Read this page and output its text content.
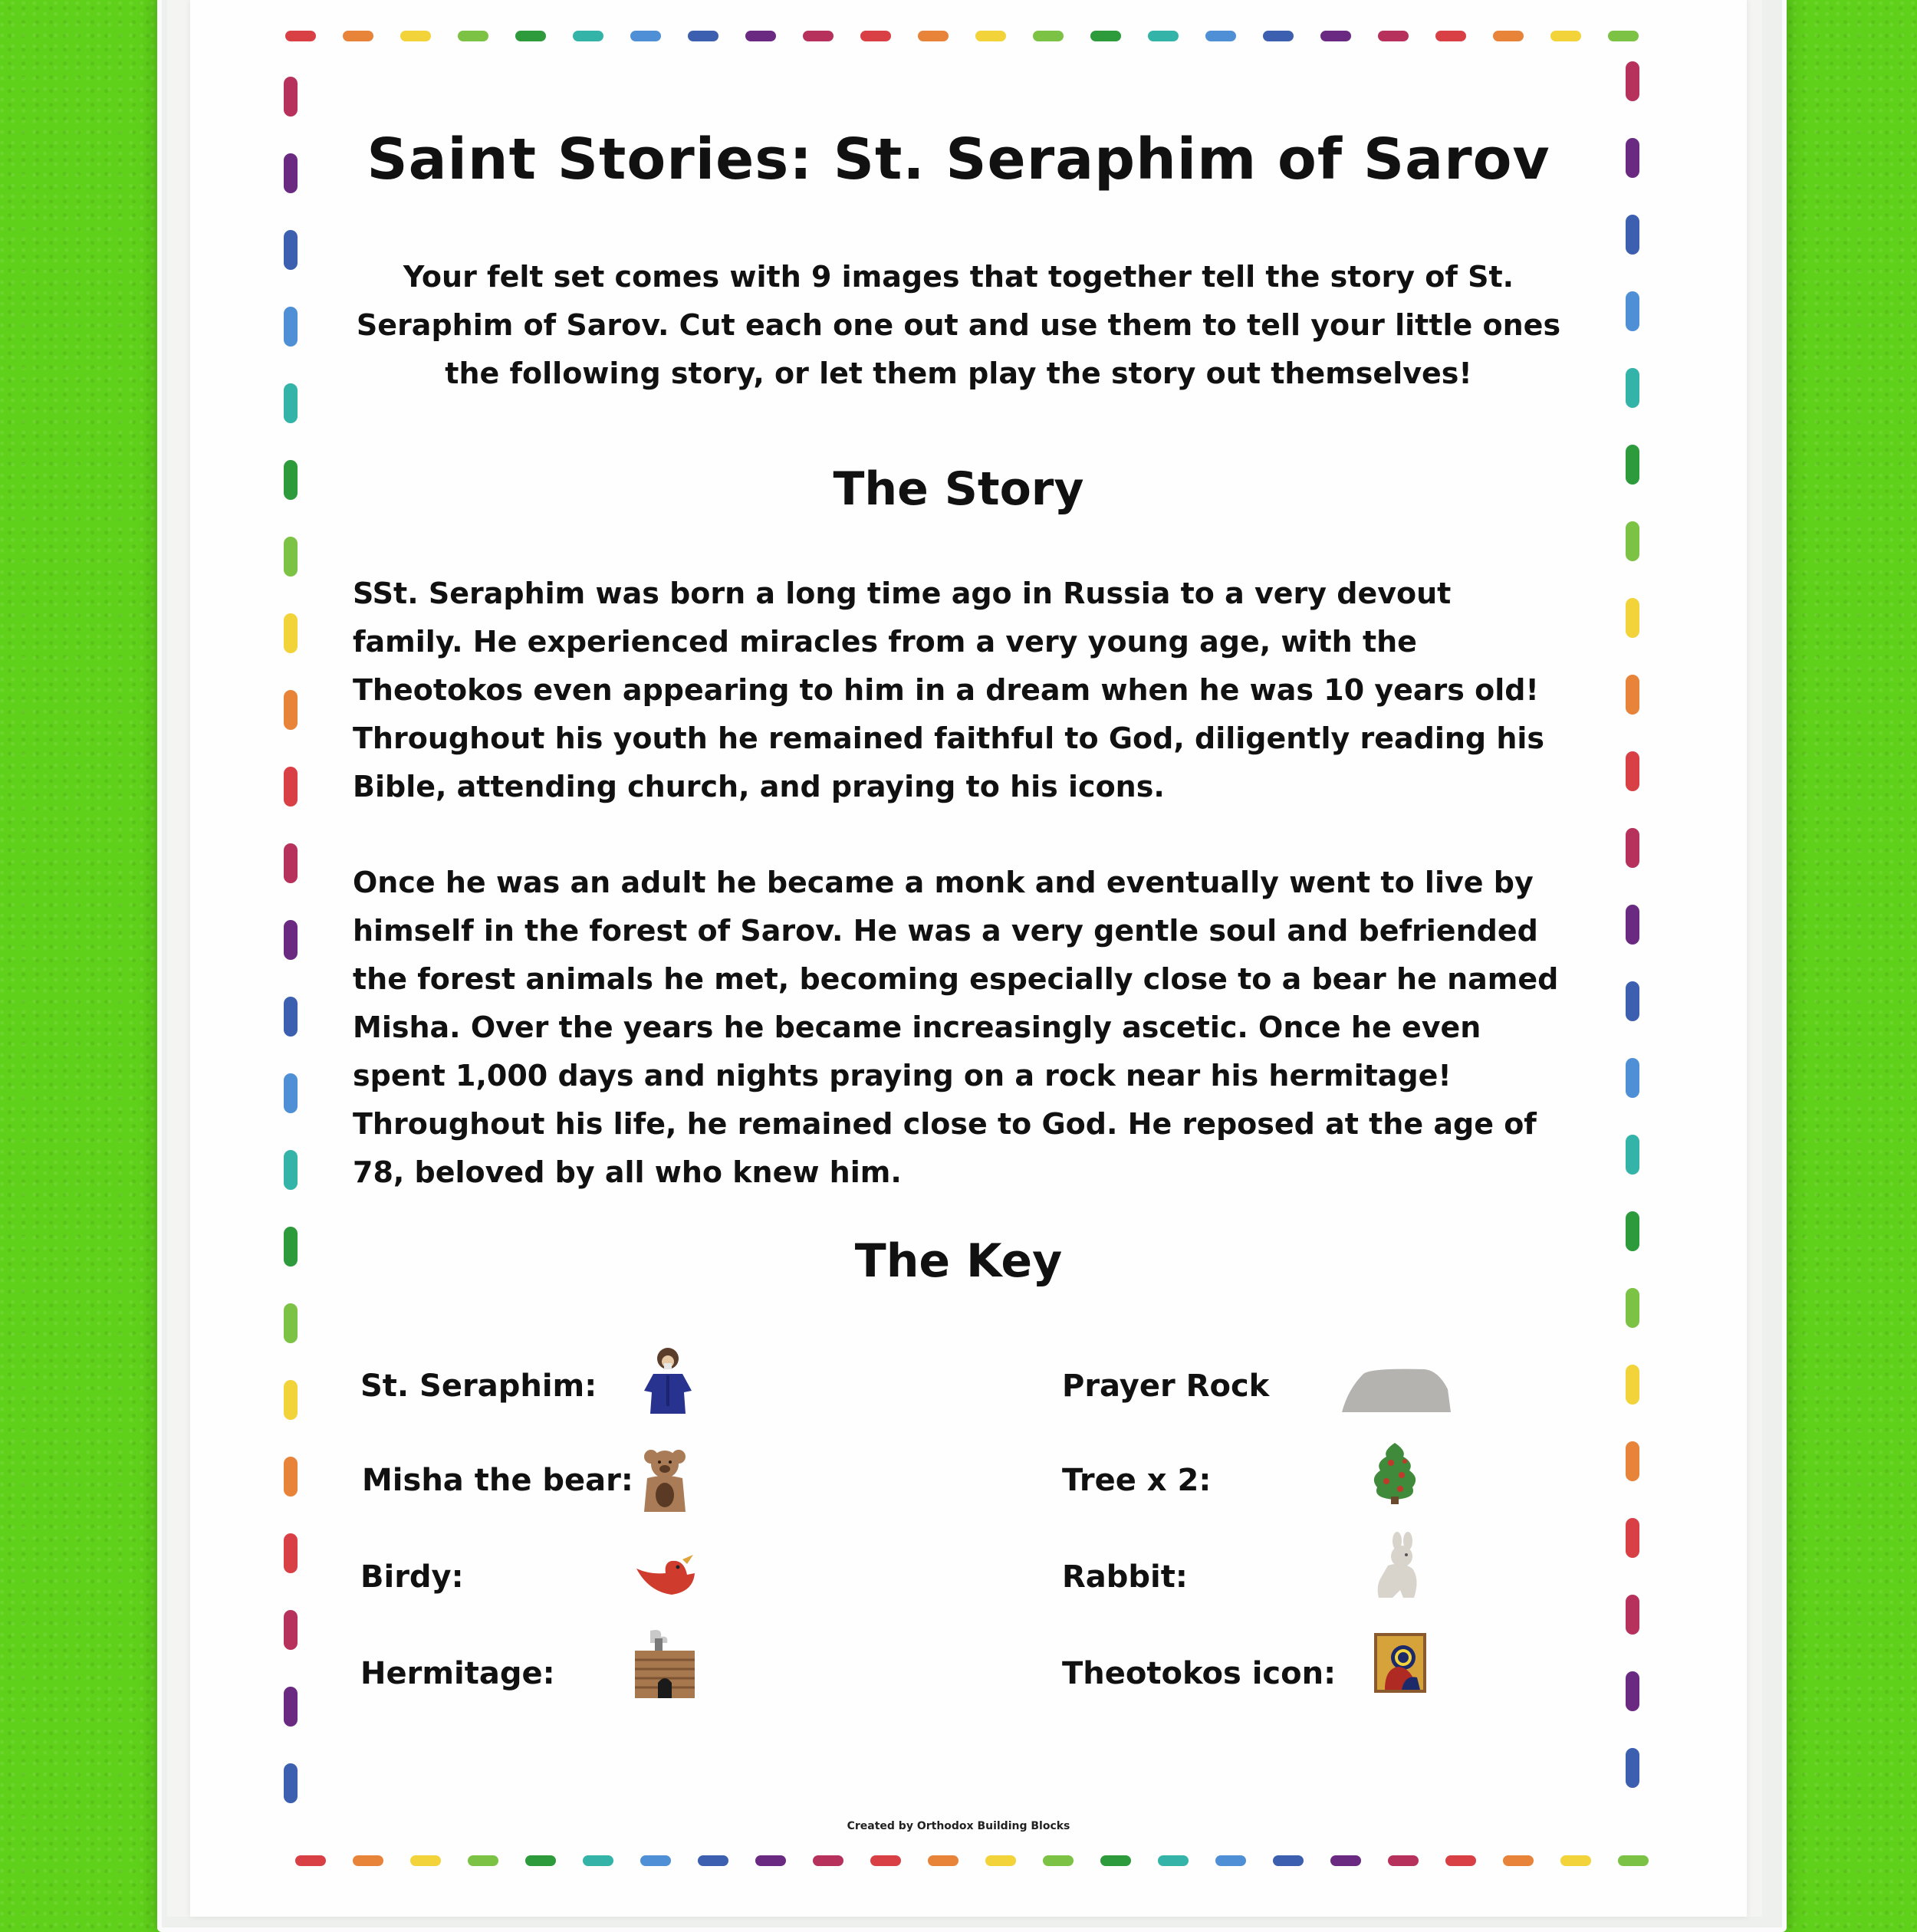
Saint Stories: St. Seraphim of Sarov

Your felt set comes with 9 images that together tell the story of St. Seraphim of Sarov. Cut each one out and use them to tell your little ones the following story, or let them play the story out themselves!

The Story

SSt. Seraphim was born a long time ago in Russia to a very devout family. He experienced miracles from a very young age, with the Theotokos even appearing to him in a dream when he was 10 years old! Throughout his youth he remained faithful to God, diligently reading his Bible, attending church, and praying to his icons.

Once he was an adult he became a monk and eventually went to live by himself in the forest of Sarov. He was a very gentle soul and befriended the forest animals he met, becoming especially close to a bear he named Misha. Over the years he became increasingly ascetic. Once he even spent 1,000 days and nights praying on a rock near his hermitage! Throughout his life, he remained close to God. He reposed at the age of 78, beloved by all who knew him.

The Key
St. Seraphim:
Misha the bear:
Birdy:
Hermitage:
Prayer Rock
Tree x 2:
Rabbit:
Theotokos icon:
Created by Orthodox Building Blocks
